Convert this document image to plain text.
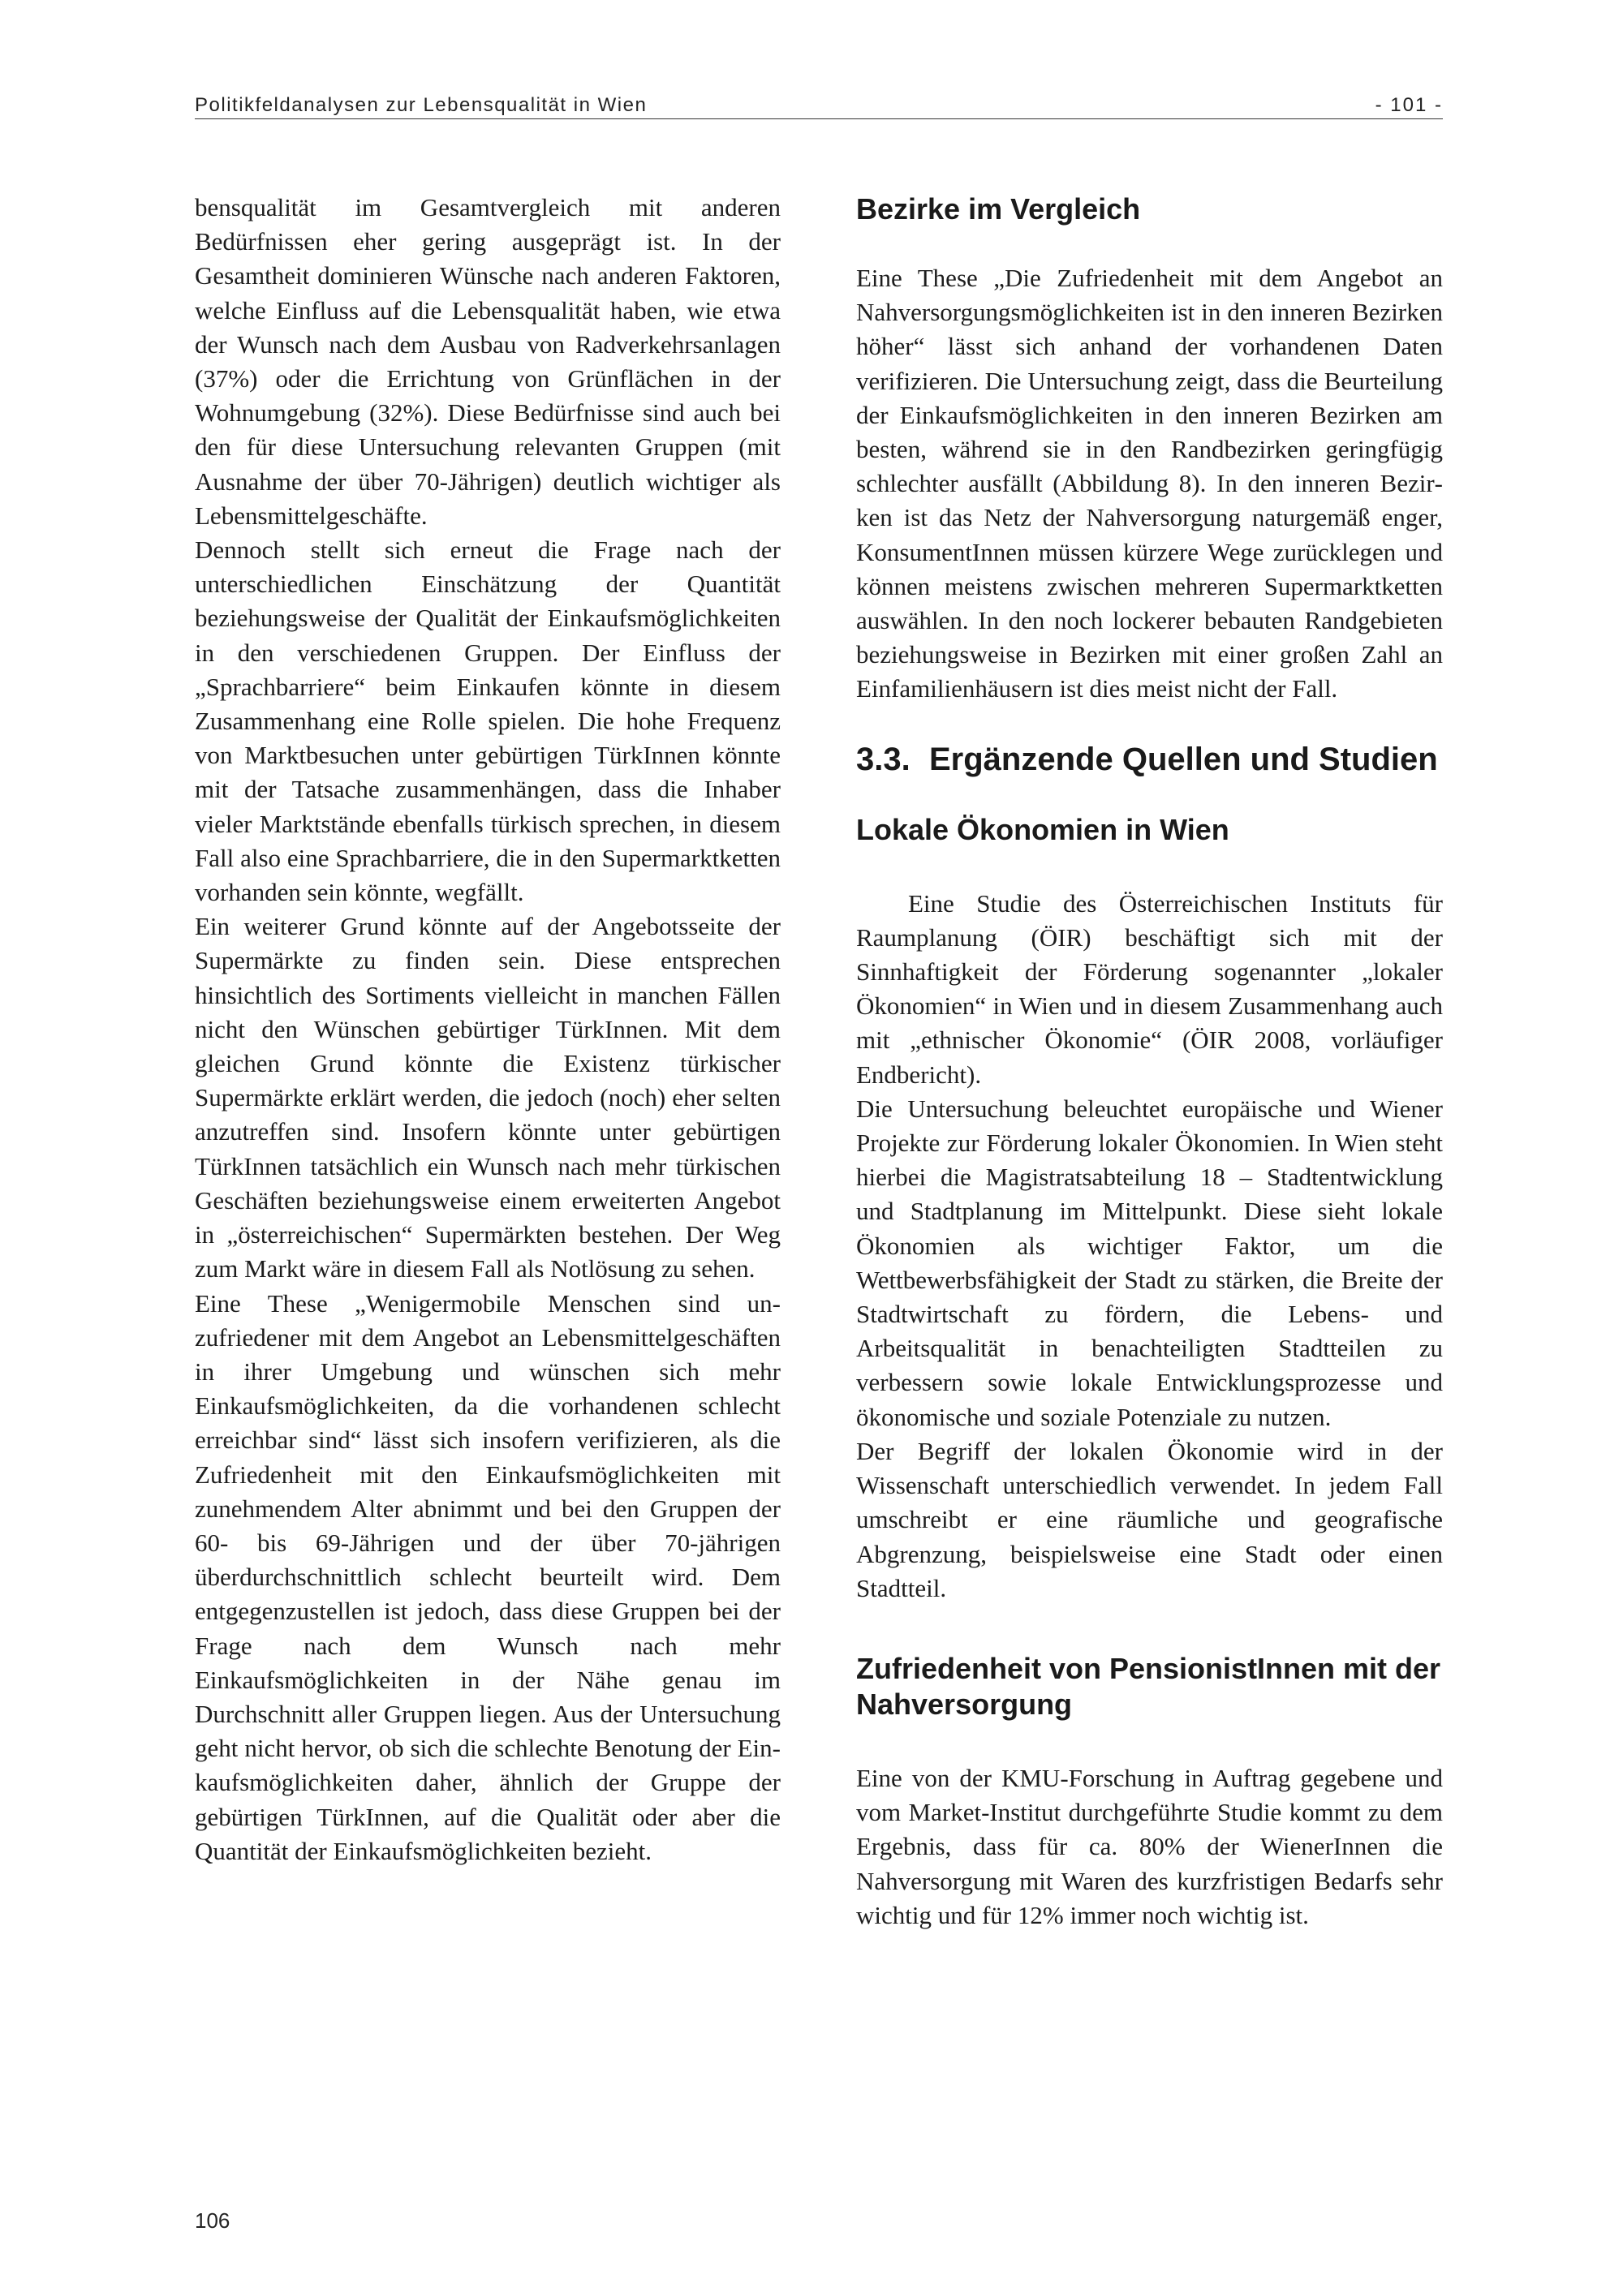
Politikfeldanalysen zur Lebensqualität in Wien	- 101 -

bensqualität im Gesamtvergleich mit anderen Bedürfnissen eher gering ausgeprägt ist. In der Gesamtheit dominieren Wünsche nach anderen Faktoren, welche Einfluss auf die Lebensqualität haben, wie etwa der Wunsch nach dem Ausbau von Radverkehrsanlagen (37%) oder die Errichtung von Grünflächen in der Wohnumgebung (32%). Diese Bedürfnisse sind auch bei den für diese Untersuchung relevanten Gruppen (mit Ausnahme der über 70-Jährigen) deutlich wichtiger als Lebensmittelgeschäfte.

Dennoch stellt sich erneut die Frage nach der unterschiedlichen Einschätzung der Quantität beziehungsweise der Qualität der Einkaufsmöglichkeiten in den verschiedenen Gruppen. Der Einfluss der „Sprachbarriere“ beim Einkaufen könnte in diesem Zusammenhang eine Rolle spielen. Die hohe Frequenz von Marktbesuchen unter gebürtigen TürkInnen könnte mit der Tatsache zusammenhängen, dass die Inhaber vieler Marktstände ebenfalls türkisch sprechen, in diesem Fall also eine Sprachbarriere, die in den Supermarktketten vorhanden sein könnte, wegfällt.

Ein weiterer Grund könnte auf der Angebotsseite der Supermärkte zu finden sein. Diese entsprechen hinsichtlich des Sortiments vielleicht in manchen Fällen nicht den Wünschen gebürtiger TürkInnen. Mit dem gleichen Grund könnte die Existenz türkischer Supermärkte erklärt werden, die jedoch (noch) eher selten anzutreffen sind. Insofern könnte unter gebürtigen TürkInnen tatsächlich ein Wunsch nach mehr türkischen Geschäften beziehungsweise einem erweiterten Angebot in „österreichischen“ Supermärkten bestehen. Der Weg zum Markt wäre in diesem Fall als Notlösung zu sehen.

Eine These „Wenigermobile Menschen sind unzufriedener mit dem Angebot an Lebensmittelgeschäften in ihrer Umgebung und wünschen sich mehr Einkaufsmöglichkeiten, da die vorhandenen schlecht erreichbar sind“ lässt sich insofern verifizieren, als die Zufriedenheit mit den Einkaufsmöglichkeiten mit zunehmendem Alter abnimmt und bei den Gruppen der 60- bis 69-Jährigen und der über 70-jährigen überdurchschnittlich schlecht beurteilt wird. Dem entgegenzustellen ist jedoch, dass diese Gruppen bei der Frage nach dem Wunsch nach mehr Einkaufsmöglichkeiten in der Nähe genau im Durchschnitt aller Gruppen liegen. Aus der Untersuchung geht nicht hervor, ob sich die schlechte Benotung der Einkaufsmöglichkeiten daher, ähnlich der Gruppe der gebürtigen TürkInnen, auf die Qualität oder aber die Quantität der Einkaufsmöglichkeiten bezieht.

Bezirke im Vergleich

Eine These „Die Zufriedenheit mit dem Angebot an Nahversorgungsmöglichkeiten ist in den inneren Bezirken höher“ lässt sich anhand der vorhandenen Daten verifizieren. Die Untersuchung zeigt, dass die Beurteilung der Einkaufsmöglichkeiten in den inneren Bezirken am besten, während sie in den Randbezirken geringfügig schlechter ausfällt (Abbildung 8). In den inneren Bezirken ist das Netz der Nahversorgung naturgemäß enger, KonsumentInnen müssen kürzere Wege zurücklegen und können meistens zwischen mehreren Supermarktketten auswählen. In den noch lockerer bebauten Randgebieten beziehungsweise in Bezirken mit einer großen Zahl an Einfamilienhäusern ist dies meist nicht der Fall.

3.3. Ergänzende Quellen und Studien
Lokale Ökonomien in Wien

Eine Studie des Österreichischen Instituts für Raumplanung (ÖIR) beschäftigt sich mit der Sinnhaftigkeit der Förderung sogenannter „lokaler Ökonomien“ in Wien und in diesem Zusammenhang auch mit „ethnischer Ökonomie“ (ÖIR 2008, vorläufiger Endbericht).

Die Untersuchung beleuchtet europäische und Wiener Projekte zur Förderung lokaler Ökonomien. In Wien steht hierbei die Magistratsabteilung 18 – Stadtentwicklung und Stadtplanung im Mittelpunkt. Diese sieht lokale Ökonomien als wichtiger Faktor, um die Wettbewerbsfähigkeit der Stadt zu stärken, die Breite der Stadtwirtschaft zu fördern, die Lebens- und Arbeitsqualität in benachteiligten Stadtteilen zu verbessern sowie lokale Entwicklungsprozesse und ökonomische und soziale Potenziale zu nutzen.

Der Begriff der lokalen Ökonomie wird in der Wissenschaft unterschiedlich verwendet. In jedem Fall umschreibt er eine räumliche und geografische Abgrenzung, beispielsweise eine Stadt oder einen Stadtteil.

Zufriedenheit von PensionistInnen mit der Nahversorgung

Eine von der KMU-Forschung in Auftrag gegebene und vom Market-Institut durchgeführte Studie kommt zu dem Ergebnis, dass für ca. 80% der WienerInnen die Nahversorgung mit Waren des kurzfristigen Bedarfs sehr wichtig und für 12% immer noch wichtig ist.

106
